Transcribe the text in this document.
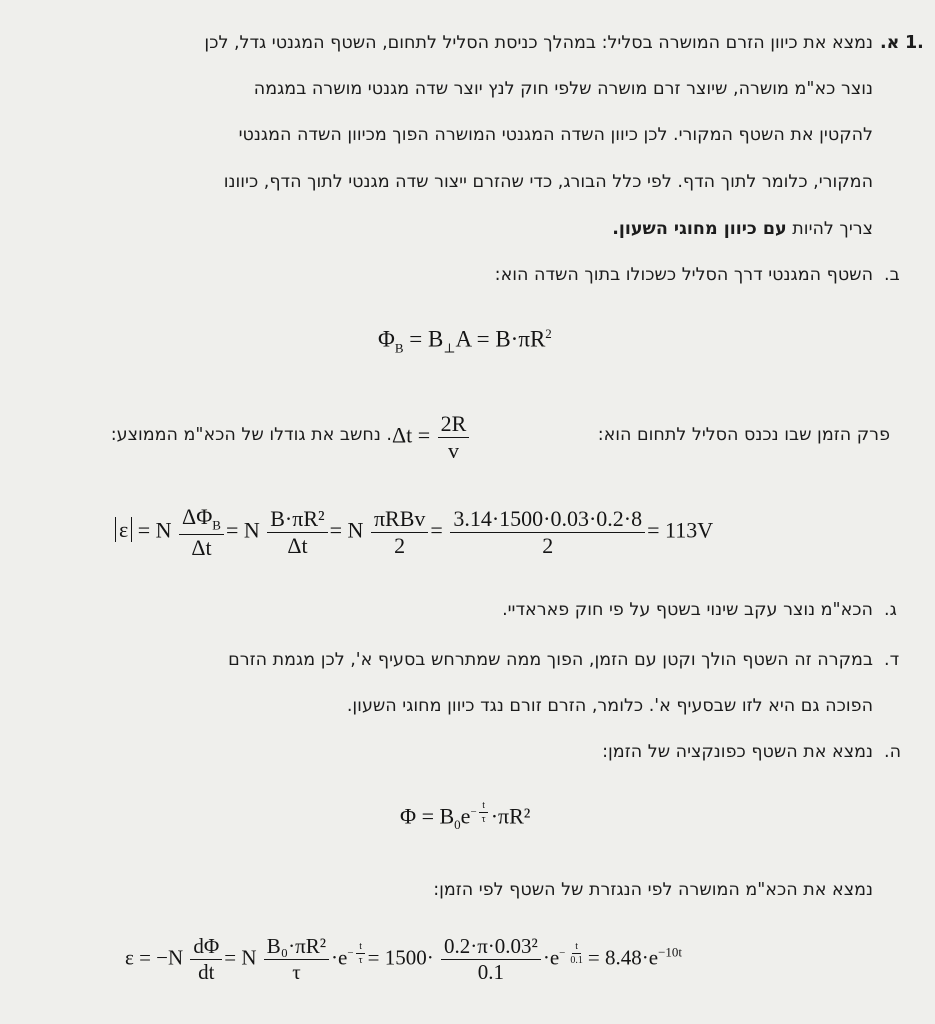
1.
א.
נמצא את כיוון הזרם המושרה בסליל: במהלך כניסת הסליל לתחום, השטף המגנטי גדל, לכן
נוצר כא"מ מושרה, שיוצר זרם מושרה שלפי חוק לנץ יוצר שדה מגנטי מושרה במגמה
להקטין את השטף המקורי. לכן כיוון השדה המגנטי המושרה הפוך מכיוון השדה המגנטי
המקורי, כלומר לתוך הדף. לפי כלל הבורג, כדי שהזרם ייצור שדה מגנטי לתוך הדף, כיוונו
צריך להיות עם כיוון מחוגי השעון.
ב.
השטף המגנטי דרך הסליל כשכולו בתוך השדה הוא:
$\Phi_B = B_\perp A = B\cdot\pi R^2$
פרק הזמן שבו נכנס הסליל לתחום הוא:
$\Delta t = \frac{2R}{v}$
. נחשב את גודלו של הכא"מ הממוצע:
ε = N $\frac{\Delta\Phi_B}{\Delta t} = N \frac{\text{B·πR²}}{\Delta t} = N \frac{\text{πRBv}}{2} = \frac{3.14\cdot 1500\cdot 0.03\cdot 0.2\cdot 8}{2} = 113V$
ג.
הכא"מ נוצר עקב שינוי בשטף על פי חוק פאראדיי.
ד.
במקרה זה השטף הולך וקטן עם הזמן, הפוך ממה שמתרחש בסעיף א', לכן מגמת הזרם
הפוכה גם היא לזו שבסעיף א'. כלומר, הזרם זורם נגד כיוון מחוגי השעון.
ה.
נמצא את השטף כפונקציה של הזמן:
$\Phi = B_0e^{- \frac{t}{\tau}} \cdot\pi R^2$
נמצא את הכא"מ המושרה לפי הנגזרת של השטף לפי הזמן:
$\varepsilon = -N \frac{d\Phi}{dt} = N \frac{\text{B₀·πR²}}{\tau} \cdot e^{- \frac{t}{\tau}} = 1500\cdot \frac{\text{0.2·π·0.03²}}{0.1} \cdot e^{- \frac{t}{0.1}} = 8.48\cdot e^{-10t}$
